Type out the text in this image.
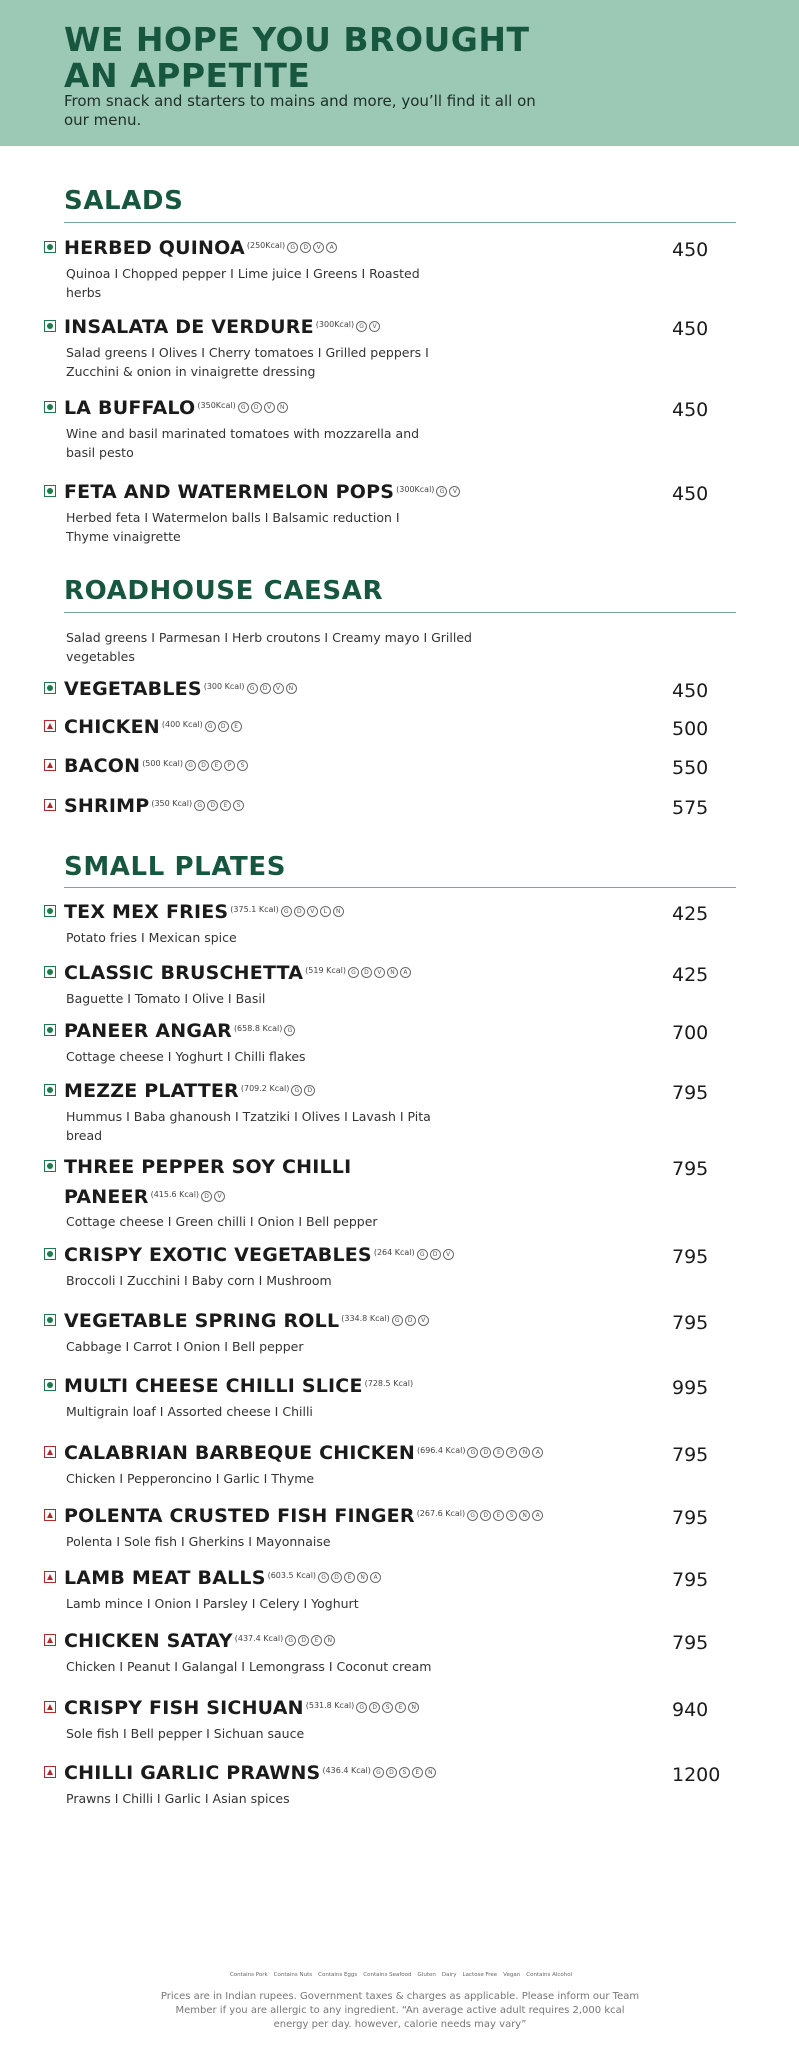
WE HOPE YOU BROUGHT AN APPETITE

From snack and starters to mains and more, you’ll find it all on our menu.

SALADS
ROADHOUSE CAESAR

Salad greens I Parmesan I Herb croutons I Creamy mayo I Grilled vegetables

SMALL PLATES
HERBED QUINOA $^{(250Kcal)}$ G D V A

Quinoa I Chopped pepper I Lime juice I Greens I Roasted herbs

450
INSALATA DE VERDURE $^{(300Kcal)}$ G V

Salad greens I Olives I Cherry tomatoes I Grilled peppers I Zucchini & onion in vinaigrette dressing

450
LA BUFFALO $^{(350Kcal)}$ G D V N

Wine and basil marinated tomatoes with mozzarella and basil pesto

450
FETA AND WATERMELON POPS $^{(300Kcal)}$ G V

Herbed feta I Watermelon balls I Balsamic reduction I Thyme vinaigrette

450
VEGETABLES $^{(300 Kcal)}$ G D V N	450
CHICKEN $^{(400 Kcal)}$ G D E	500
BACON $^{(500 Kcal)}$ G D E P S	550
SHRIMP $^{(350 Kcal)}$ G D E S	575
TEX MEX FRIES $^{(375.1 Kcal)}$ G D V L N

Potato fries I Mexican spice

425
CLASSIC BRUSCHETTA $^{(519 Kcal)}$ G D V N A

Baguette I Tomato I Olive I Basil

425
PANEER ANGAR $^{(658.8 Kcal)}$ G

Cottage cheese I Yoghurt I Chilli flakes

700
MEZZE PLATTER $^{(709.2 Kcal)}$ G D

Hummus I Baba ghanoush I Tzatziki I Olives I Lavash I Pita bread

795
THREE PEPPER SOY CHILLI
PANEER $^{(415.6 Kcal)}$ D V

Cottage cheese I Green chilli I Onion I Bell pepper

795
CRISPY EXOTIC VEGETABLES $^{(264 Kcal)}$ G D V

Broccoli I Zucchini I Baby corn I Mushroom

795
VEGETABLE SPRING ROLL $^{(334.8 Kcal)}$ G D V

Cabbage I Carrot I Onion I Bell pepper

795
MULTI CHEESE CHILLI SLICE $^{(728.5 Kcal)}$

Multigrain loaf I Assorted cheese I Chilli

995
CALABRIAN BARBEQUE CHICKEN $^{(696.4 Kcal)}$ G D E P N A

Chicken I Pepperoncino I Garlic I Thyme

795
POLENTA CRUSTED FISH FINGER $^{(267.6 Kcal)}$ G D E S N A

Polenta I Sole fish I Gherkins I Mayonnaise

795
LAMB MEAT BALLS $^{(603.5 Kcal)}$ G D E N A

Lamb mince I Onion I Parsley I Celery I Yoghurt

795
CHICKEN SATAY $^{(437.4 Kcal)}$ G D E N

Chicken I Peanut I Galangal I Lemongrass I Coconut cream

795
CRISPY FISH SICHUAN $^{(531.8 Kcal)}$ G D S E N

Sole fish I Bell pepper I Sichuan sauce

940
CHILLI GARLIC PRAWNS $^{(436.4 Kcal)}$ G D S E N

Prawns I Chilli I Garlic I Asian spices

1200
Contains Pork Contains Nuts Contains Eggs Contains Seafood Gluten Dairy Lactose Free Vegan Contains Alcohol

Prices are in Indian rupees. Government taxes & charges as applicable. Please inform our Team Member if you are allergic to any ingredient. “An average active adult requires 2,000 kcal energy per day. however, calorie needs may vary”
